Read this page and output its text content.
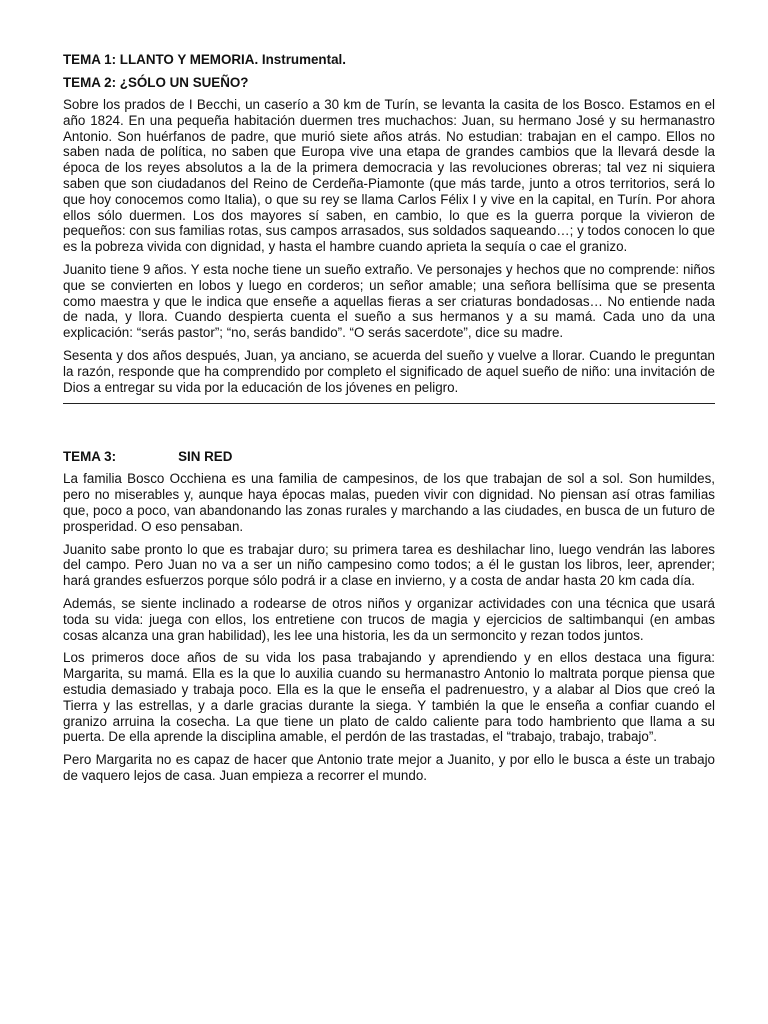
TEMA 1: LLANTO Y MEMORIA. Instrumental.
TEMA 2: ¿SÓLO UN SUEÑO?

Sobre los prados de I Becchi, un caserío a 30 km de Turín, se levanta la casita de los Bosco. Estamos en el año 1824. En una pequeña habitación duermen tres muchachos: Juan, su hermano José y su hermanastro Antonio. Son huérfanos de padre, que murió siete años atrás. No estudian: trabajan en el campo. Ellos no saben nada de política, no saben que Europa vive una etapa de grandes cambios que la llevará desde la época de los reyes absolutos a la de la primera democracia y las revoluciones obreras; tal vez ni siquiera saben que son ciudadanos del Reino de Cerdeña-Piamonte (que más tarde, junto a otros territorios, será lo que hoy conocemos como Italia), o que su rey se llama Carlos Félix I y vive en la capital, en Turín. Por ahora ellos sólo duermen. Los dos mayores sí saben, en cambio, lo que es la guerra porque la vivieron de pequeños: con sus familias rotas, sus campos arrasados, sus soldados saqueando…; y todos conocen lo que es la pobreza vivida con dignidad, y hasta el hambre cuando aprieta la sequía o cae el granizo.

Juanito tiene 9 años. Y esta noche tiene un sueño extraño. Ve personajes y hechos que no comprende: niños que se convierten en lobos y luego en corderos; un señor amable; una señora bellísima que se presenta como maestra y que le indica que enseñe a aquellas fieras a ser criaturas bondadosas… No entiende nada de nada, y llora. Cuando despierta cuenta el sueño a sus hermanos y a su mamá. Cada uno da una explicación: “serás pastor”; “no, serás bandido”. “O serás sacerdote”, dice su madre.

Sesenta y dos años después, Juan, ya anciano, se acuerda del sueño y vuelve a llorar. Cuando le preguntan la razón, responde que ha comprendido por completo el significado de aquel sueño de niño: una invitación de Dios a entregar su vida por la educación de los jóvenes en peligro.

TEMA 3:	SIN RED

La familia Bosco Occhiena es una familia de campesinos, de los que trabajan de sol a sol. Son humildes, pero no miserables y, aunque haya épocas malas, pueden vivir con dignidad. No piensan así otras familias que, poco a poco, van abandonando las zonas rurales y marchando a las ciudades, en busca de un futuro de prosperidad. O eso pensaban.

Juanito sabe pronto lo que es trabajar duro; su primera tarea es deshilachar lino, luego vendrán las labores del campo. Pero Juan no va a ser un niño campesino como todos; a él le gustan los libros, leer, aprender; hará grandes esfuerzos porque sólo podrá ir a clase en invierno, y a costa de andar hasta 20 km cada día.

Además, se siente inclinado a rodearse de otros niños y organizar actividades con una técnica que usará toda su vida: juega con ellos, los entretiene con trucos de magia y ejercicios de saltimbanqui (en ambas cosas alcanza una gran habilidad), les lee una historia, les da un sermoncito y rezan todos juntos.

Los primeros doce años de su vida los pasa trabajando y aprendiendo y en ellos destaca una figura: Margarita, su mamá. Ella es la que lo auxilia cuando su hermanastro Antonio lo maltrata porque piensa que estudia demasiado y trabaja poco. Ella es la que le enseña el padrenuestro, y a alabar al Dios que creó la Tierra y las estrellas, y a darle gracias durante la siega. Y también la que le enseña a confiar cuando el granizo arruina la cosecha. La que tiene un plato de caldo caliente para todo hambriento que llama a su puerta. De ella aprende la disciplina amable, el perdón de las trastadas, el “trabajo, trabajo, trabajo”.

Pero Margarita no es capaz de hacer que Antonio trate mejor a Juanito, y por ello le busca a éste un trabajo de vaquero lejos de casa. Juan empieza a recorrer el mundo.
